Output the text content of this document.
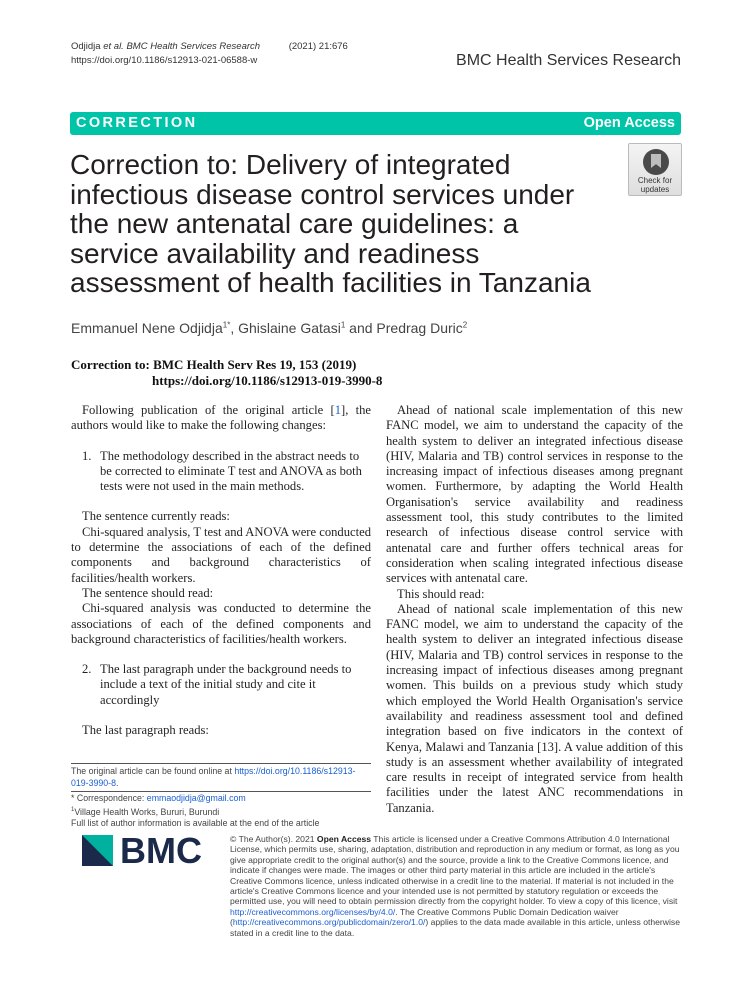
Odjidja et al. BMC Health Services Research	(2021) 21:676
https://doi.org/10.1186/s12913-021-06588-w	BMC Health Services Research
CORRECTION	Open Access
Correction to: Delivery of integrated infectious disease control services under the new antenatal care guidelines: a service availability and readiness assessment of health facilities in Tanzania
Check for
updates
Emmanuel Nene Odjidja$^{1*}$, Ghislaine Gatasi$^1$ and Predrag Duric$^2$
Correction to: BMC Health Serv Res 19, 153 (2019)
https://doi.org/10.1186/s12913-019-3990-8

Following publication of the original article [1], the authors would like to make the following changes:

1. The methodology described in the abstract needs to be corrected to eliminate T test and ANOVA as both tests were not used in the main methods.

The sentence currently reads:

Chi-squared analysis, T test and ANOVA were conducted to determine the associations of each of the defined components and background characteristics of facilities/health workers.

The sentence should read:

Chi-squared analysis was conducted to determine the associations of each of the defined components and background characteristics of facilities/health workers.

2. The last paragraph under the background needs to include a text of the initial study and cite it accordingly

The last paragraph reads:

Ahead of national scale implementation of this new FANC model, we aim to understand the capacity of the health system to deliver an integrated infectious disease (HIV, Malaria and TB) control services in response to the increasing impact of infectious diseases among pregnant women. Furthermore, by adapting the World Health Organisation's service availability and readiness assessment tool, this study contributes to the limited research of infectious disease control service with antenatal care and further offers technical areas for consideration when scaling integrated infectious disease services with antenatal care.

This should read:

Ahead of national scale implementation of this new FANC model, we aim to understand the capacity of the health system to deliver an integrated infectious disease (HIV, Malaria and TB) control services in response to the increasing impact of infectious diseases among pregnant women. This builds on a previous study which study which employed the World Health Organisation's service availability and readiness assessment tool and defined integration based on five indicators in the context of Kenya, Malawi and Tanzania [13]. A value addition of this study is an assessment whether availability of integrated care results in receipt of integrated service from health facilities under the latest ANC recommendations in Tanzania.

The original article can be found online at https://doi.org/10.1186/s12913-019-3990-8.
* Correspondence: emmaodjidja@gmail.com
$^1$Village Health Works, Bururi, Burundi
Full list of author information is available at the end of the article
BMC	© The Author(s). 2021 Open Access This article is licensed under a Creative Commons Attribution 4.0 International License, which permits use, sharing, adaptation, distribution and reproduction in any medium or format, as long as you give appropriate credit to the original author(s) and the source, provide a link to the Creative Commons licence, and indicate if changes were made. The images or other third party material in this article are included in the article's Creative Commons licence, unless indicated otherwise in a credit line to the material. If material is not included in the article's Creative Commons licence and your intended use is not permitted by statutory regulation or exceeds the permitted use, you will need to obtain permission directly from the copyright holder. To view a copy of this licence, visit http://creativecommons.org/licenses/by/4.0/. The Creative Commons Public Domain Dedication waiver (http://creativecommons.org/publicdomain/zero/1.0/) applies to the data made available in this article, unless otherwise stated in a credit line to the data.
